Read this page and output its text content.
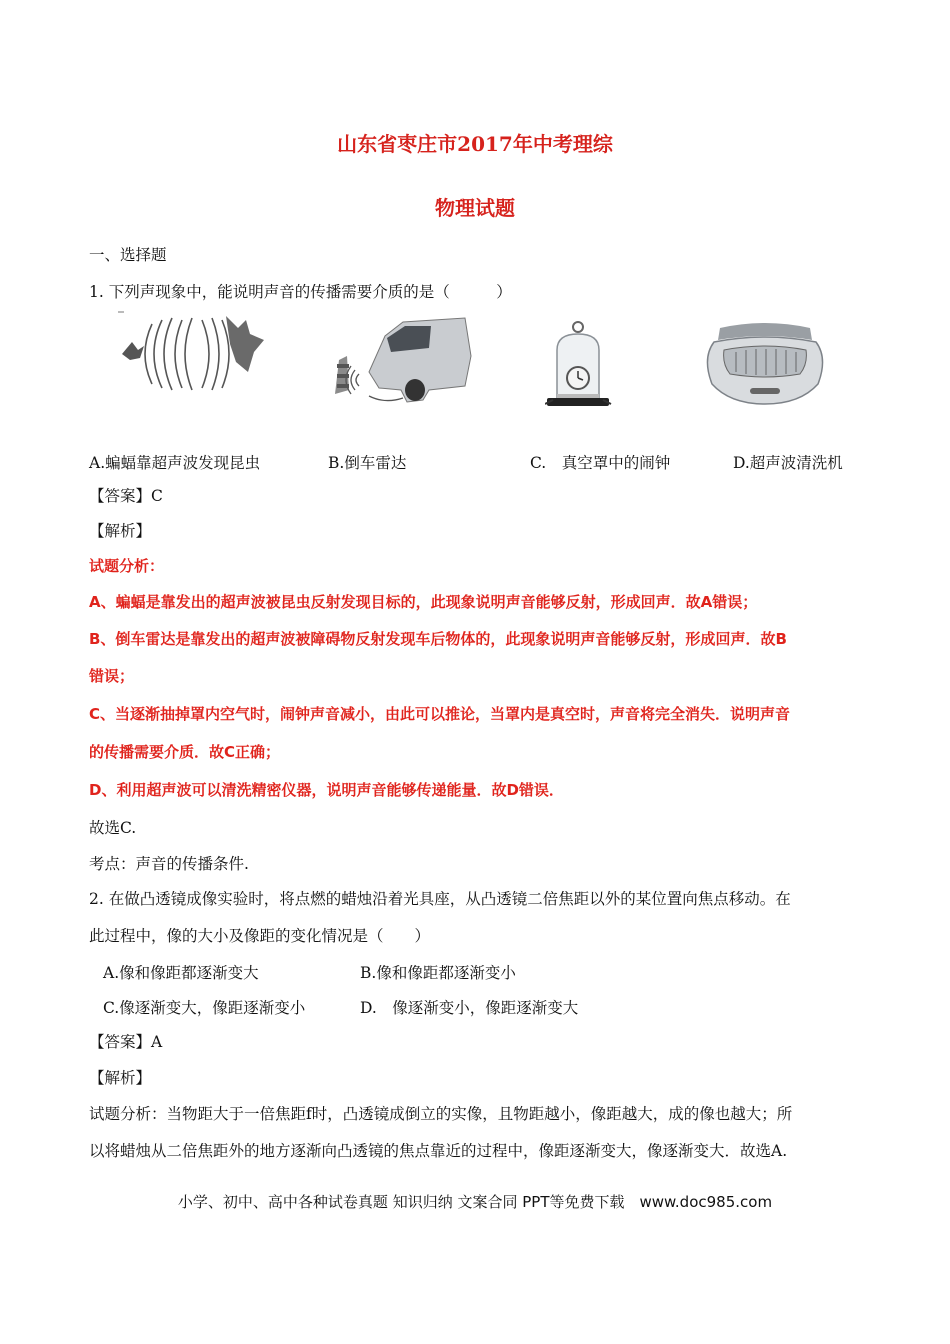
山东省枣庄市2017年中考理综
物理试题
一、选择题
1. 下列声现象中，能说明声音的传播需要介质的是（　　　）
A.蝙蝠靠超声波发现昆虫	B.倒车雷达	C.　真空罩中的闹钟	D.超声波清洗机
【答案】C
【解析】
试题分析：
A、蝙蝠是靠发出的超声波被昆虫反射发现目标的，此现象说明声音能够反射，形成回声．故A错误；
B、倒车雷达是靠发出的超声波被障碍物反射发现车后物体的，此现象说明声音能够反射，形成回声．故B
错误；
C、当逐渐抽掉罩内空气时，闹钟声音减小，由此可以推论，当罩内是真空时，声音将完全消失．说明声音
的传播需要介质．故C正确；
D、利用超声波可以清洗精密仪器，说明声音能够传递能量．故D错误．
故选C.
考点：声音的传播条件.
2. 在做凸透镜成像实验时，将点燃的蜡烛沿着光具座，从凸透镜二倍焦距以外的某位置向焦点移动。在
此过程中，像的大小及像距的变化情况是（　　）
A.像和像距都逐渐变大	B.像和像距都逐渐变小
C.像逐渐变大，像距逐渐变小	D.　像逐渐变小，像距逐渐变大
【答案】A
【解析】
试题分析：当物距大于一倍焦距f时，凸透镜成倒立的实像，且物距越小，像距越大，成的像也越大；所
以将蜡烛从二倍焦距外的地方逐渐向凸透镜的焦点靠近的过程中，像距逐渐变大，像逐渐变大．故选A.
小学、初中、高中各种试卷真题 知识归纳 文案合同 PPT等免费下载　www.doc985.com
